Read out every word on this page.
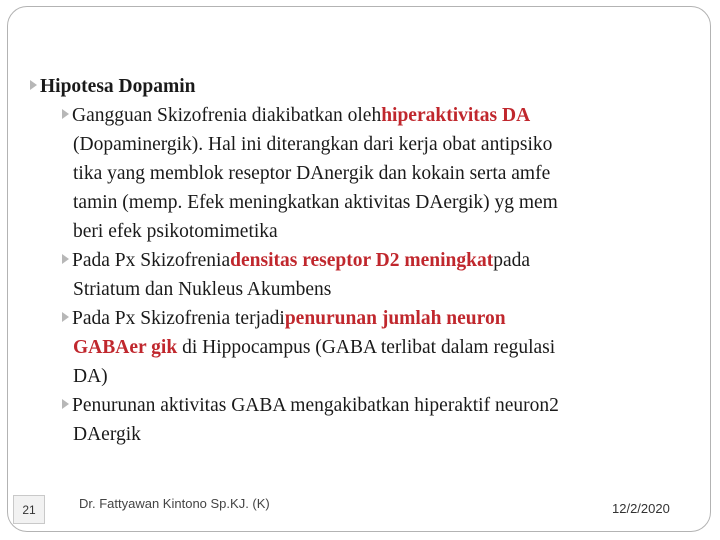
Hipotesa Dopamin
Gangguan Skizofrenia diakibatkan oleh hiperaktivitas DA
(Dopaminergik). Hal ini diterangkan dari kerja obat antipsiko
tika yang memblok reseptor DAnergik dan kokain serta amfe
tamin (memp. Efek meningkatkan aktivitas DAergik) yg mem
beri efek psikotomimetika
Pada Px Skizofrenia densitas reseptor D2 meningkat pada
Striatum dan Nukleus Akumbens
Pada Px Skizofrenia terjadi penurunan jumlah neuron
GABAer gik di Hippocampus (GABA terlibat dalam regulasi
DA)
Penurunan aktivitas GABA mengakibatkan hiperaktif neuron2
DAergik
21	Dr. Fattyawan Kintono Sp.KJ. (K)	12/2/2020
